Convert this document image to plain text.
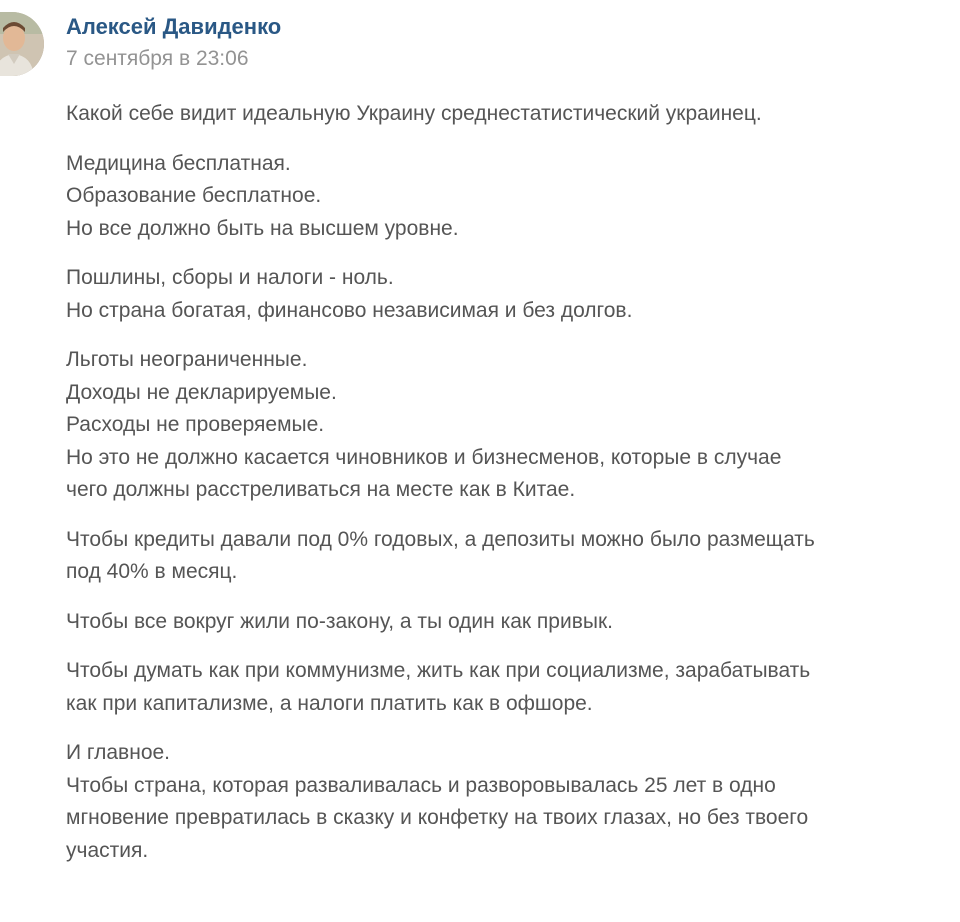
Алексей Давиденко
7 сентября в 23:06

Какой себе видит идеальную Украину среднестатистический украинец.

Медицина бесплатная.
Образование бесплатное.
Но все должно быть на высшем уровне.

Пошлины, сборы и налоги - ноль.
Но страна богатая, финансово независимая и без долгов.

Льготы неограниченные.
Доходы не декларируемые.
Расходы не проверяемые.
Но это не должно касается чиновников и бизнесменов, которые в случае
чего должны расстреливаться на месте как в Китае.

Чтобы кредиты давали под 0% годовых, а депозиты можно было размещать
под 40% в месяц.

Чтобы все вокруг жили по-закону, а ты один как привык.

Чтобы думать как при коммунизме, жить как при социализме, зарабатывать
как при капитализме, а налоги платить как в офшоре.

И главное.
Чтобы страна, которая разваливалась и разворовывалась 25 лет в одно
мгновение превратилась в сказку и конфетку на твоих глазах, но без твоего
участия.
